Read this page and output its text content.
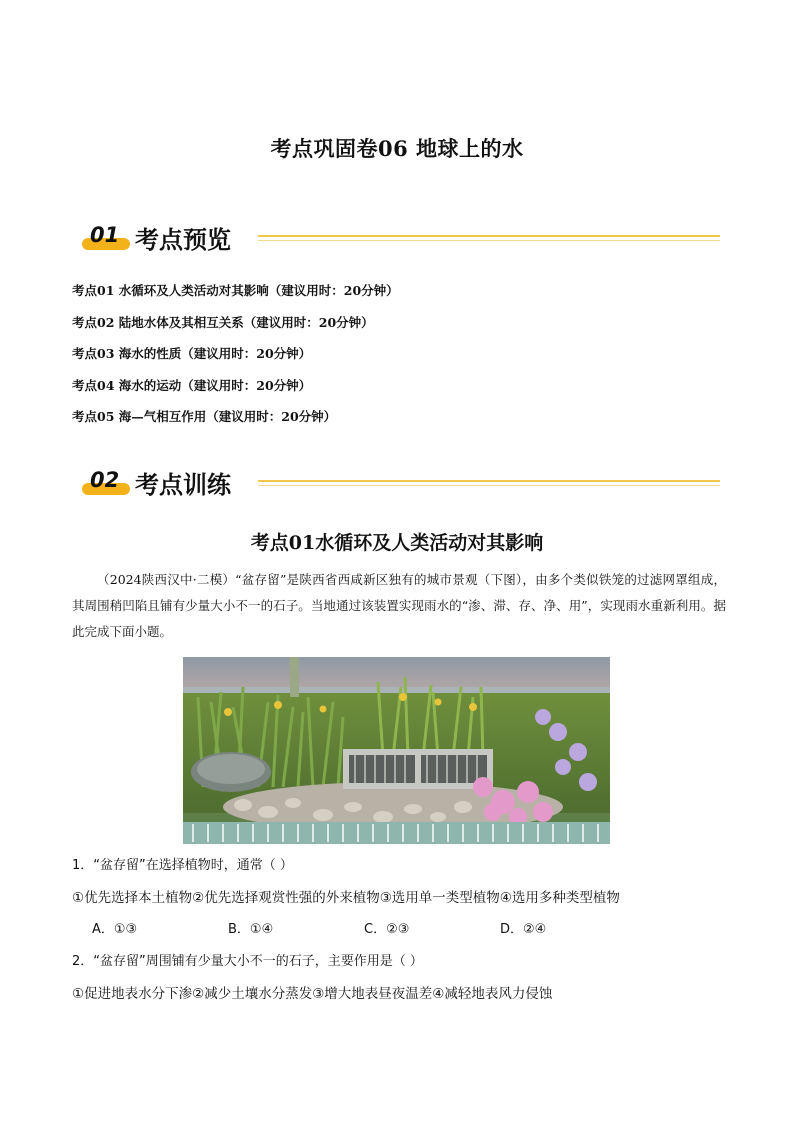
考点巩固卷06 地球上的水
01 考点预览
考点01 水循环及人类活动对其影响（建议用时：20分钟）
考点02 陆地水体及其相互关系（建议用时：20分钟）
考点03 海水的性质（建议用时：20分钟）
考点04 海水的运动（建议用时：20分钟）
考点05 海—气相互作用（建议用时：20分钟）
02 考点训练
考点01水循环及人类活动对其影响
（2024陕西汉中·二模）“盆存留”是陕西省西咸新区独有的城市景观（下图），由多个类似铁笼的过滤网罩组成，其周围稍凹陷且铺有少量大小不一的石子。当地通过该装置实现雨水的“渗、滞、存、净、用”，实现雨水重新利用。据此完成下面小题。
1．“盆存留”在选择植物时，通常（ ）
①优先选择本土植物②优先选择观赏性强的外来植物③选用单一类型植物④选用多种类型植物
A．①③	B．①④	C．②③	D．②④
2．“盆存留”周围铺有少量大小不一的石子，主要作用是（ ）
①促进地表水分下渗②减少土壤水分蒸发③增大地表昼夜温差④减轻地表风力侵蚀
